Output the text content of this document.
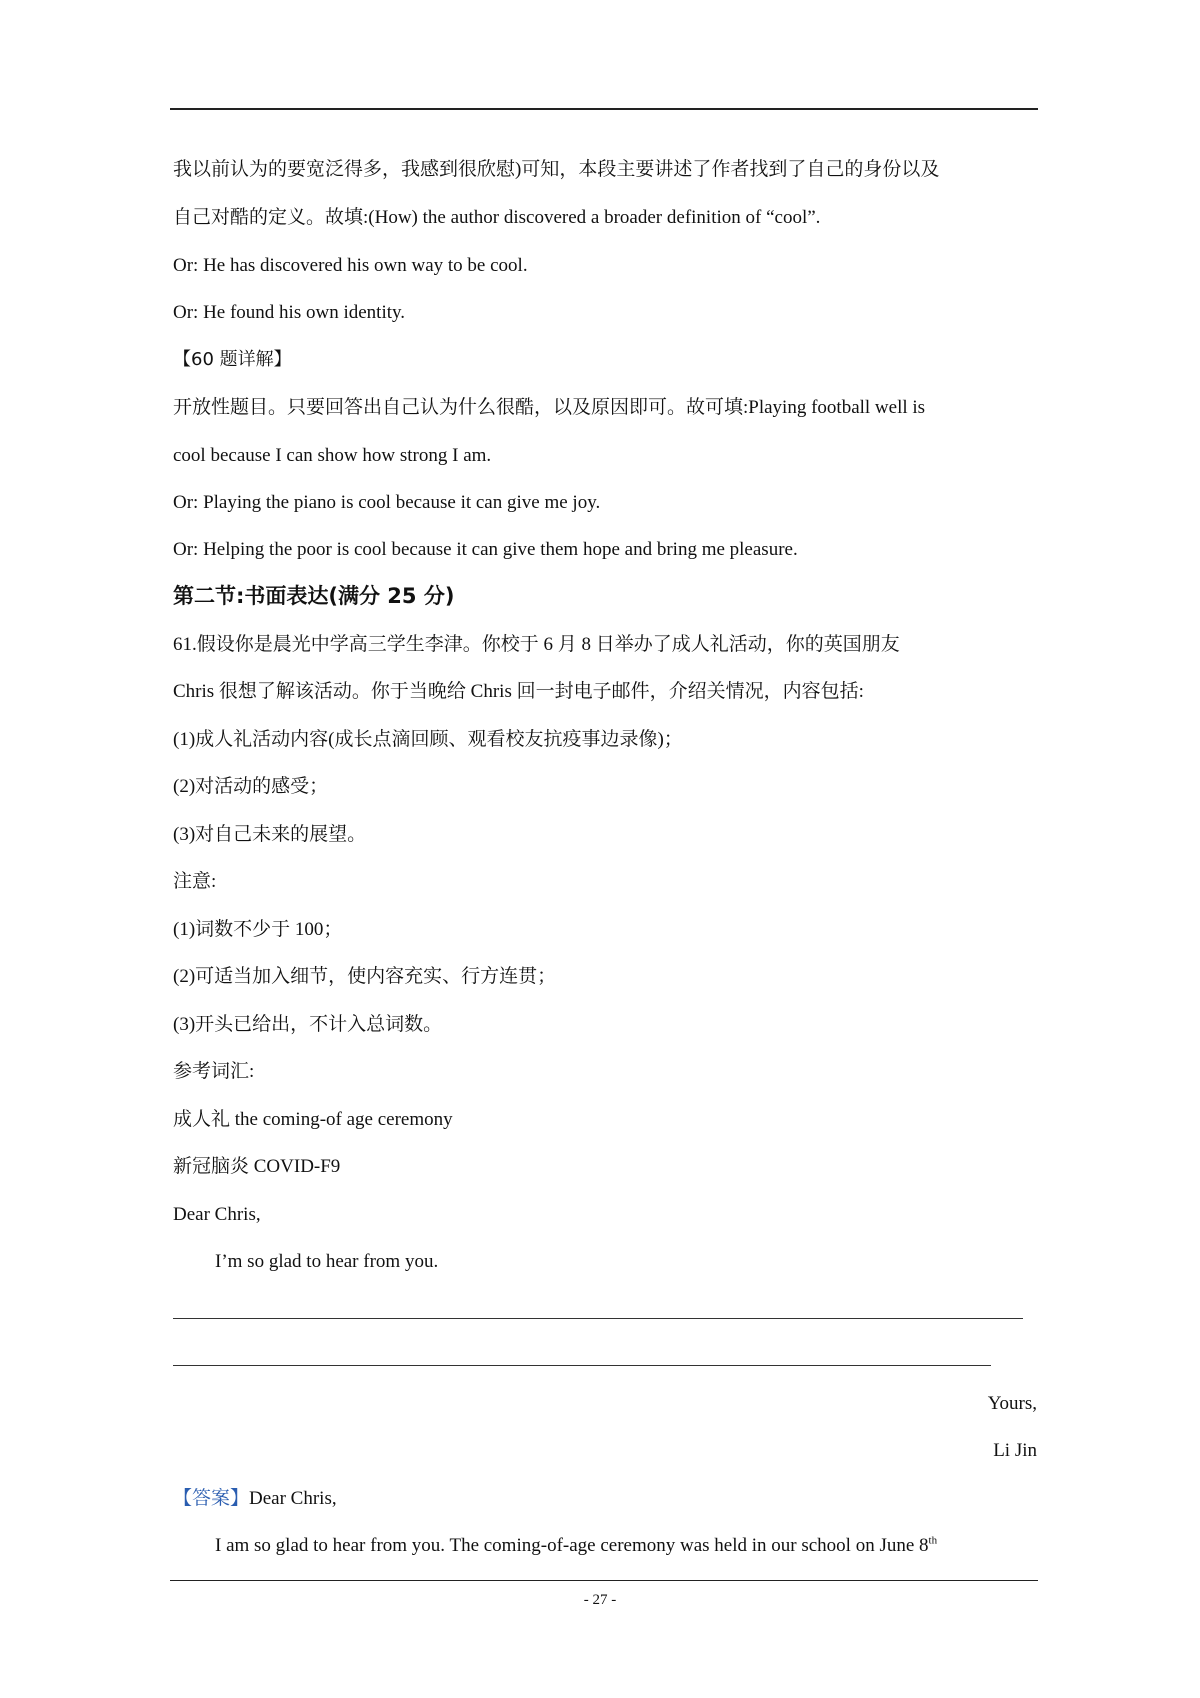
我以前认为的要宽泛得多，我感到很欣慰)可知，本段主要讲述了作者找到了自己的身份以及
自己对酷的定义。故填:(How) the author discovered a broader definition of “cool”.
Or: He has discovered his own way to be cool.
Or: He found his own identity.
【60 题详解】
开放性题目。只要回答出自己认为什么很酷，以及原因即可。故可填:Playing football well is
cool because I can show how strong I am.
Or: Playing the piano is cool because it can give me joy.
Or: Helping the poor is cool because it can give them hope and bring me pleasure.
第二节:书面表达(满分 25 分)
61.假设你是晨光中学高三学生李津。你校于 6 月 8 日举办了成人礼活动，你的英国朋友
Chris 很想了解该活动。你于当晚给 Chris 回一封电子邮件，介绍关情况，内容包括:
(1)成人礼活动内容(成长点滴回顾、观看校友抗疫事边录像)；
(2)对活动的感受；
(3)对自己未来的展望。
注意:
(1)词数不少于 100；
(2)可适当加入细节，使内容充实、行方连贯；
(3)开头已给出，不计入总词数。
参考词汇:
成人礼 the coming-of age ceremony
新冠脑炎 COVID-F9
Dear Chris,
I’m so glad to hear from you.
Yours,
Li Jin
【答案】Dear Chris,
I am so glad to hear from you. The coming-of-age ceremony was held in our school on June 8th
- 27 -
